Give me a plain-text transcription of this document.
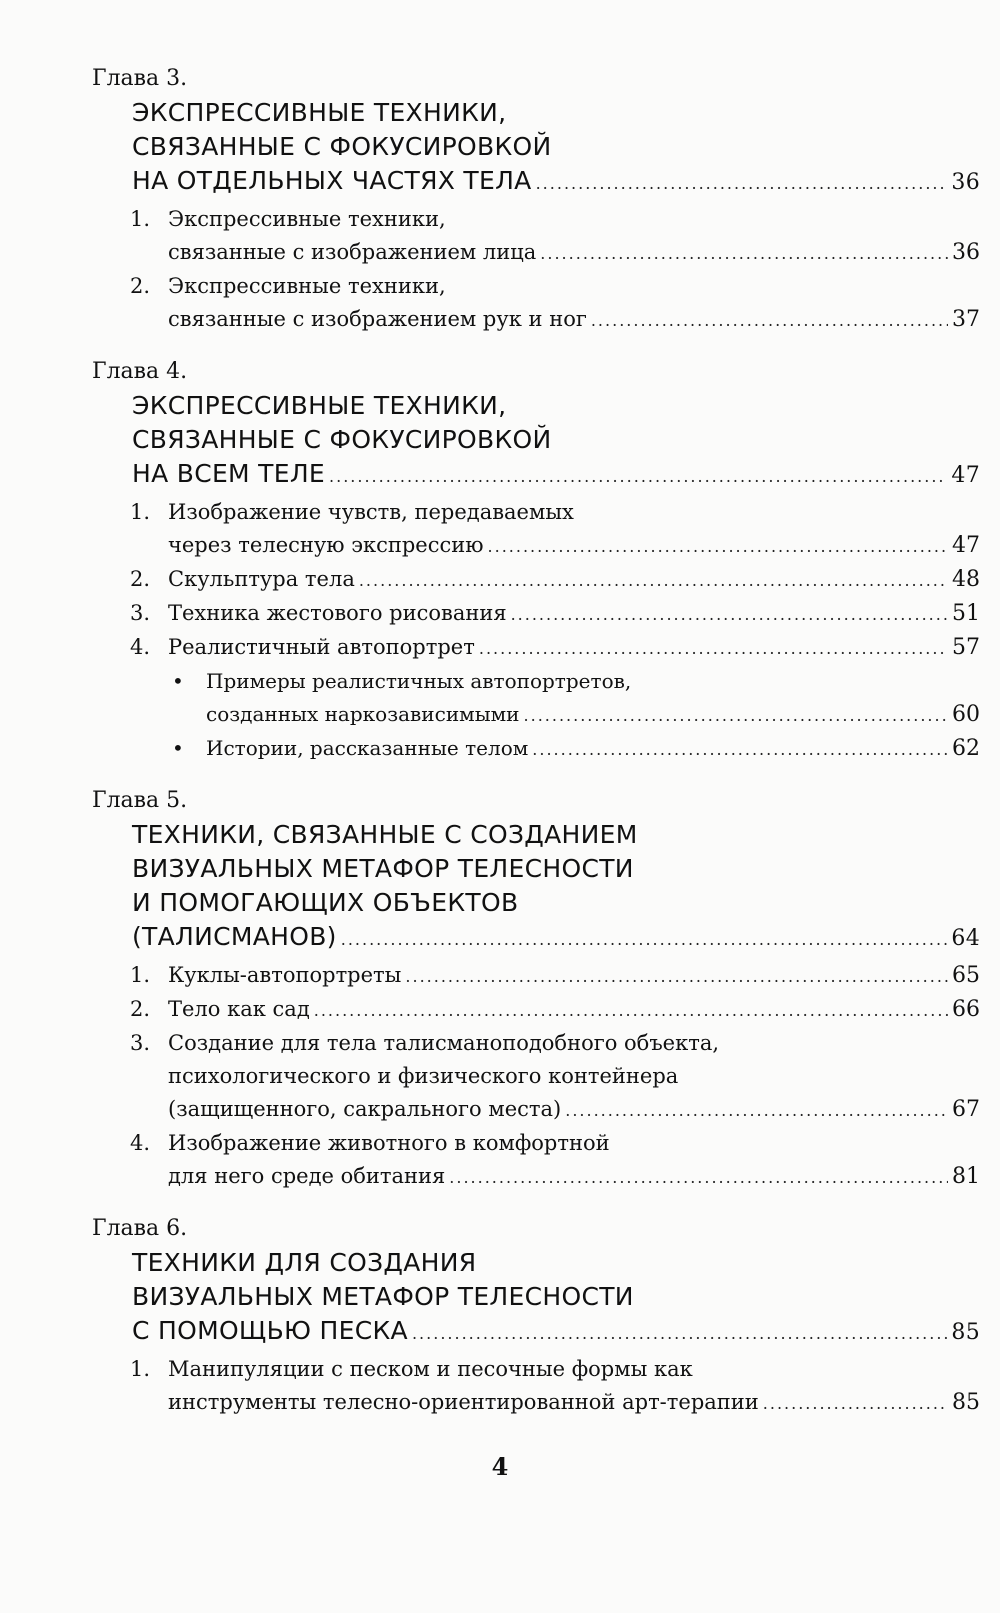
Глава 3.
ЭКСПРЕССИВНЫЕ ТЕХНИКИ,
СВЯЗАННЫЕ С ФОКУСИРОВКОЙ
НА ОТДЕЛЬНЫХ ЧАСТЯХ ТЕЛА .....	36
1. Экспрессивные техники,
связанные с изображением лица .....	36
2. Экспрессивные техники,
связанные с изображением рук и ног .....	37
Глава 4.
ЭКСПРЕССИВНЫЕ ТЕХНИКИ,
СВЯЗАННЫЕ С ФОКУСИРОВКОЙ
НА ВСЕМ ТЕЛЕ .....	47
1. Изображение чувств, передаваемых
через телесную экспрессию .....	47
2. Скульптура тела .....	48
3. Техника жестового рисования .....	51
4. Реалистичный автопортрет .....	57
• Примеры реалистичных автопортретов,
созданных наркозависимыми .....	60
• Истории, рассказанные телом .....	62
Глава 5.
ТЕХНИКИ, СВЯЗАННЫЕ С СОЗДАНИЕМ
ВИЗУАЛЬНЫХ МЕТАФОР ТЕЛЕСНОСТИ
И ПОМОГАЮЩИХ ОБЪЕКТОВ
(ТАЛИСМАНОВ) .....	64
1. Куклы-автопортреты .....	65
2. Тело как сад .....	66
3. Создание для тела талисманоподобного объекта,
психологического и физического контейнера
(защищенного, сакрального места) .....	67
4. Изображение животного в комфортной
для него среде обитания .....	81
Глава 6.
ТЕХНИКИ ДЛЯ СОЗДАНИЯ
ВИЗУАЛЬНЫХ МЕТАФОР ТЕЛЕСНОСТИ
С ПОМОЩЬЮ ПЕСКА .....	85
1. Манипуляции с песком и песочные формы как
инструменты телесно-ориентированной арт-терапии .....	85
4
